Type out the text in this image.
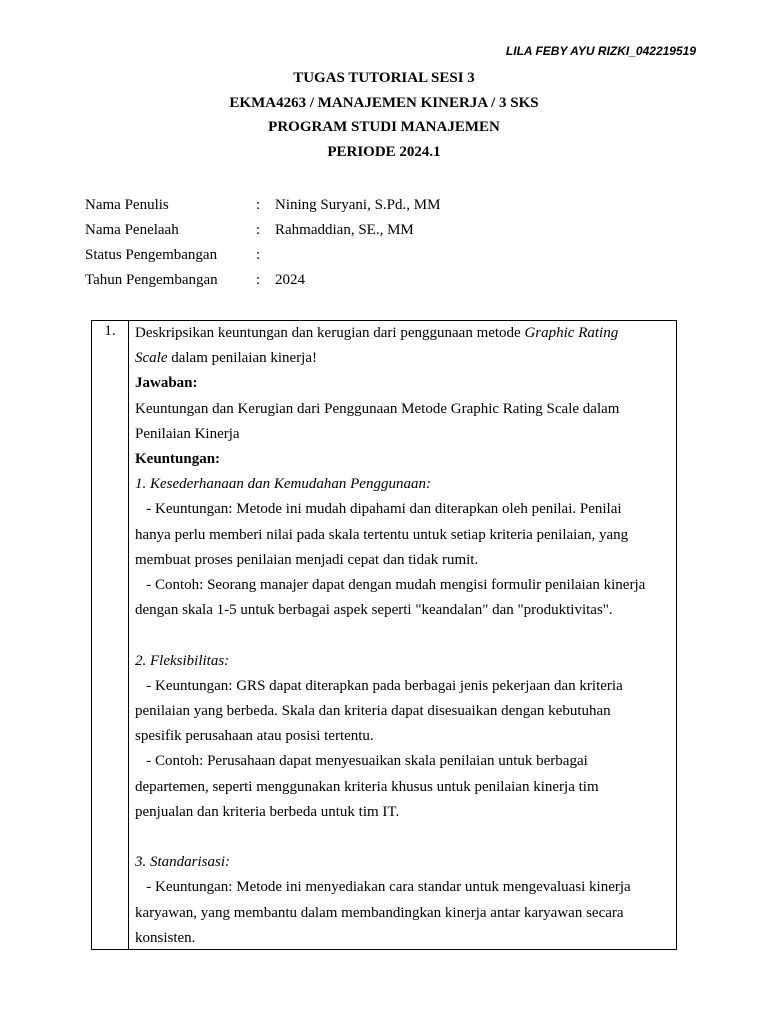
LILA FEBY AYU RIZKI_042219519
TUGAS TUTORIAL SESI 3
EKMA4263 / MANAJEMEN KINERJA / 3 SKS
PROGRAM STUDI MANAJEMEN
PERIODE 2024.1
Nama Penulis	: Nining Suryani, S.Pd., MM
Nama Penelaah	: Rahmaddian, SE., MM
Status Pengembangan	:
Tahun Pengembangan	: 2024
1.	Deskripsikan keuntungan dan kerugian dari penggunaan metode Graphic Rating

Scale dalam penilaian kinerja!

Jawaban:

Keuntungan dan Kerugian dari Penggunaan Metode Graphic Rating Scale dalam

Penilaian Kinerja

Keuntungan:

1. Kesederhanaan dan Kemudahan Penggunaan:

- Keuntungan: Metode ini mudah dipahami dan diterapkan oleh penilai. Penilai

hanya perlu memberi nilai pada skala tertentu untuk setiap kriteria penilaian, yang

membuat proses penilaian menjadi cepat dan tidak rumit.

- Contoh: Seorang manajer dapat dengan mudah mengisi formulir penilaian kinerja

dengan skala 1-5 untuk berbagai aspek seperti "keandalan" dan "produktivitas".

2. Fleksibilitas:

- Keuntungan: GRS dapat diterapkan pada berbagai jenis pekerjaan dan kriteria

penilaian yang berbeda. Skala dan kriteria dapat disesuaikan dengan kebutuhan

spesifik perusahaan atau posisi tertentu.

- Contoh: Perusahaan dapat menyesuaikan skala penilaian untuk berbagai

departemen, seperti menggunakan kriteria khusus untuk penilaian kinerja tim

penjualan dan kriteria berbeda untuk tim IT.

3. Standarisasi:

- Keuntungan: Metode ini menyediakan cara standar untuk mengevaluasi kinerja

karyawan, yang membantu dalam membandingkan kinerja antar karyawan secara

konsisten.
